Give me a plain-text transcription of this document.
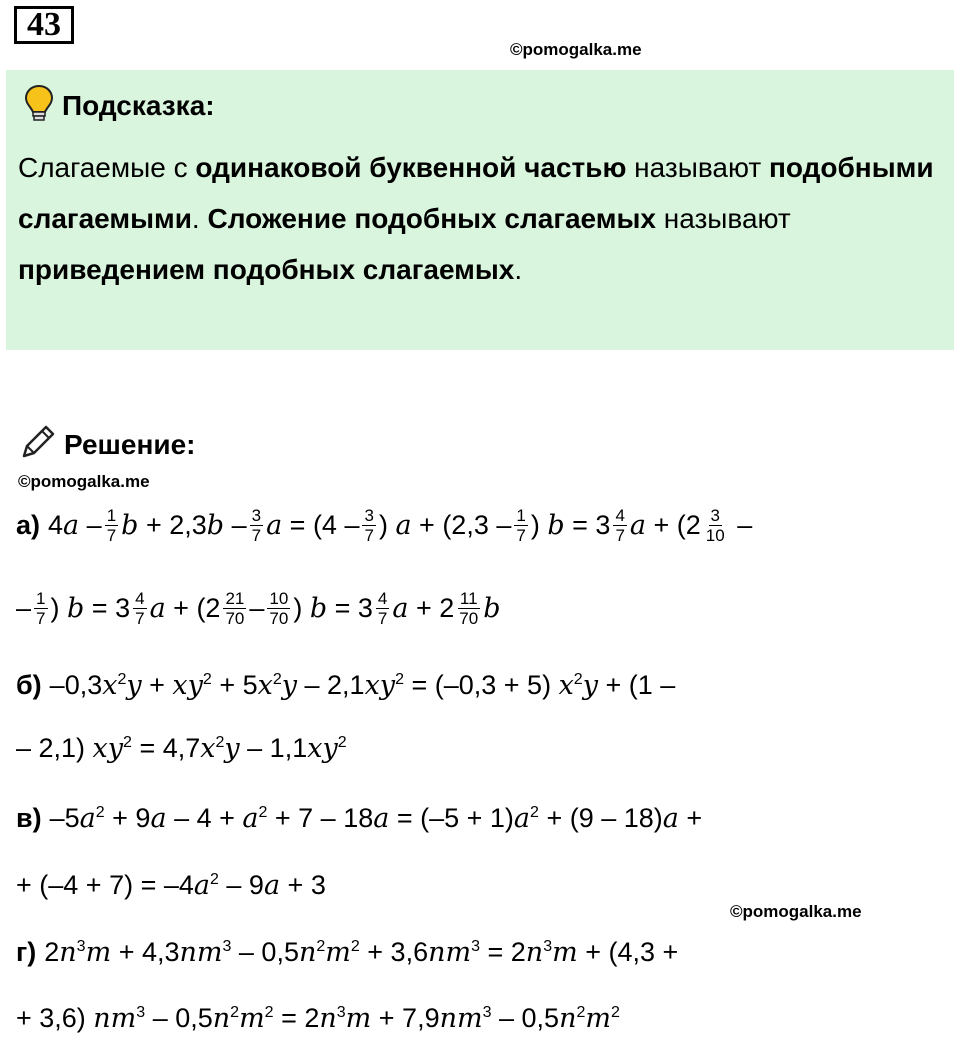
43
©pomogalka.me
Подсказка:
Слагаемые с одинаковой буквенной частью называют подобными слагаемыми. Сложение подобных слагаемых называют приведением подобных слагаемых.
Решение:
©pomogalka.me
а) 4a – 1
7 b + 2,3b – 3
7 a = (4 – 3
7 ) a + (2,3 – 1
7 ) b = 3 4
7 a + (2 3
10 –
– 1
7 ) b = 3 4
7 a + (2 21
70 – 10
70 ) b = 3 4
7 a + 2 11
70 b
б) $-0,3x^2y + xy^2 + 5x^2y - 2,1xy^2 = (-0,3 + 5) x^2y + (1$ –
– 2,1) $xy^2 = 4,7x^2y - 1,1xy^2$
в) $-5a^2 + 9a - 4 + a^2 + 7 - 18a = (-5 + 1)a^2 + (9 - 18)a$ +
+ $(-4 + 7) = -4a^2 - 9a + 3$
©pomogalka.me
г) $2n^3m + 4,3nm^3 - 0,5n^2m^2 + 3,6nm^3 = 2n^3m + (4,3$ +
+ 3,6) $nm^3 - 0,5n^2m^2 = 2n^3m + 7,9nm^3 - 0,5n^2m^2$
